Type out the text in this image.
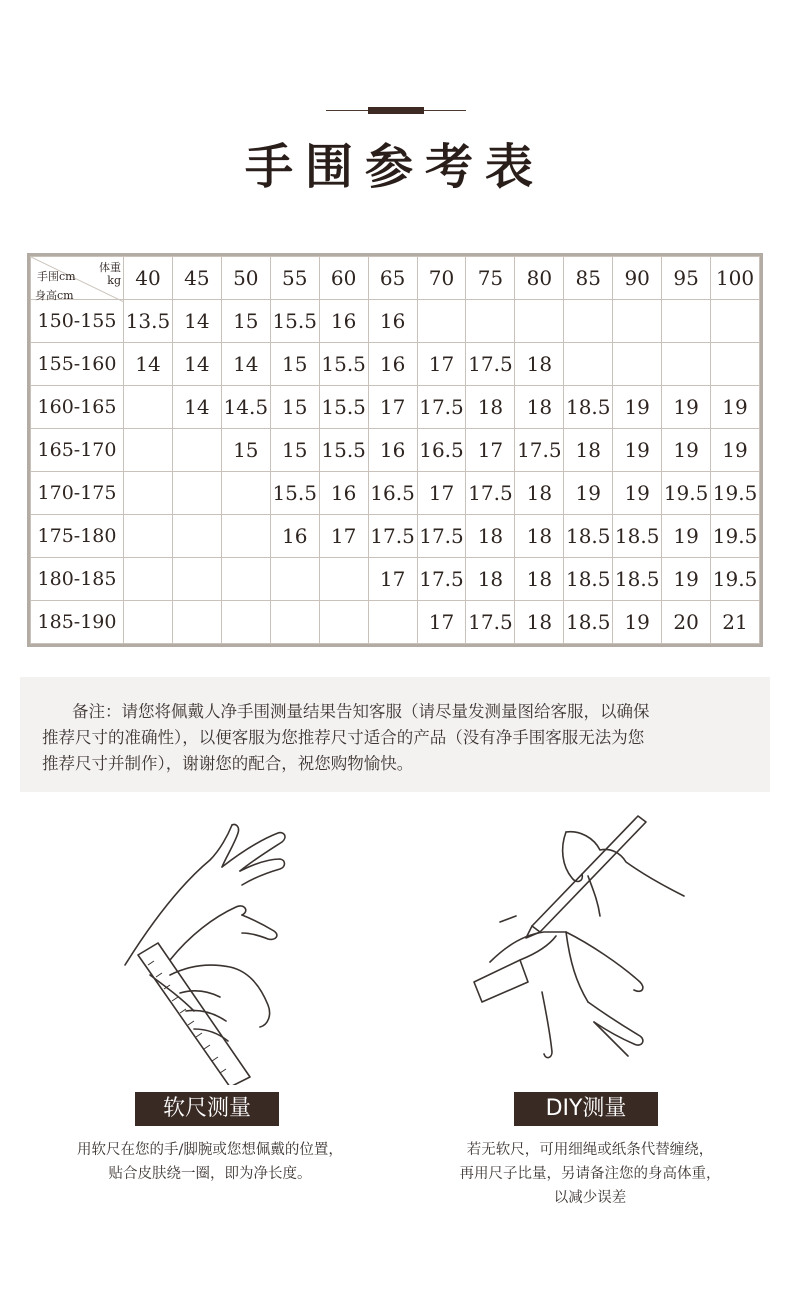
手围参考表
体重
kg
手围cm
身高cm	40	45	50	55	60	65	70	75	80	85	90	95	100
150-155	13.5	14	15	15.5	16	16							
155-160	14	14	14	15	15.5	16	17	17.5	18				
160-165		14	14.5	15	15.5	17	17.5	18	18	18.5	19	19	19
165-170			15	15	15.5	16	16.5	17	17.5	18	19	19	19
170-175				15.5	16	16.5	17	17.5	18	19	19	19.5	19.5
175-180				16	17	17.5	17.5	18	18	18.5	18.5	19	19.5
180-185						17	17.5	18	18	18.5	18.5	19	19.5
185-190							17	17.5	18	18.5	19	20	21
备注：请您将佩戴人净手围测量结果告知客服（请尽量发测量图给客服，以确保
推荐尺寸的准确性），以便客服为您推荐尺寸适合的产品（没有净手围客服无法为您
推荐尺寸并制作），谢谢您的配合，祝您购物愉快。
软尺测量	DIY测量
用软尺在您的手/脚腕或您想佩戴的位置，
贴合皮肤绕一圈，即为净长度。
若无软尺，可用细绳或纸条代替缠绕，
再用尺子比量，另请备注您的身高体重，
以减少误差
